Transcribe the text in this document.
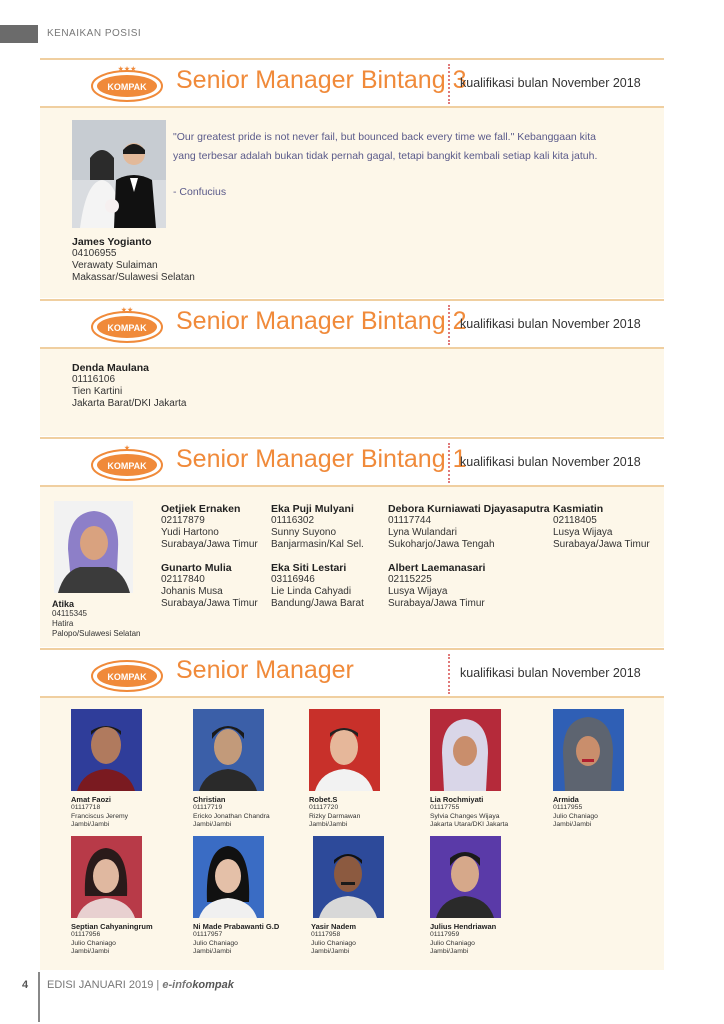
KENAIKAN POSISI
KOMPAK
★★★ Senior Manager Bintang 3
kualifikasi bulan November 2018
James Yogianto
04106955
Verawaty Sulaiman
Makassar/Sulawesi Selatan
"Our greatest pride is not never fail, but bounced back every time we fall." Kebanggaan kita yang terbesar adalah bukan tidak pernah gagal, tetapi bangkit kembali setiap kali kita jatuh.
- Confucius
KOMPAK
★★ Senior Manager Bintang 2
kualifikasi bulan November 2018
Denda Maulana
01116106
Tien Kartini
Jakarta Barat/DKI Jakarta
KOMPAK
★ Senior Manager Bintang 1
kualifikasi bulan November 2018
Atika
04115345
Hatira
Palopo/Sulawesi Selatan
Oetjiek Ernaken
02117879
Yudi Hartono
Surabaya/Jawa Timur
Eka Puji Mulyani
01116302
Sunny Suyono
Banjarmasin/Kal Sel.
Debora Kurniawati Djayasaputra
01117744
Lyna Wulandari
Sukoharjo/Jawa Tengah
Kasmiatin
02118405
Lusya Wijaya
Surabaya/Jawa Timur
Gunarto Mulia
02117840
Johanis Musa
Surabaya/Jawa Timur
Eka Siti Lestari
03116946
Lie Linda Cahyadi
Bandung/Jawa Barat
Albert Laemanasari
02115225
Lusya Wijaya
Surabaya/Jawa Timur
KOMPAK Senior Manager	kualifikasi bulan November 2018
Amat Faozi
01117718
Franciscus Jeremy
Jambi/Jambi
Christian
01117719
Ericko Jonathan Chandra
Jambi/Jambi
Robet.S
01117720
Rizky Darmawan
Jambi/Jambi
Lia Rochmiyati
01117755
Sylvia Changes Wijaya
Jakarta Utara/DKI Jakarta
Armida
01117955
Julio Chaniago
Jambi/Jambi
Septian Cahyaningrum
01117956
Julio Chaniago
Jambi/Jambi
Ni Made Prabawanti G.D
01117957
Julio Chaniago
Jambi/Jambi
Yasir Nadem
01117958
Julio Chaniago
Jambi/Jambi
Julius Hendriawan
01117959
Julio Chaniago
Jambi/Jambi
4 EDISI JANUARI 2019 | e-infokompak
